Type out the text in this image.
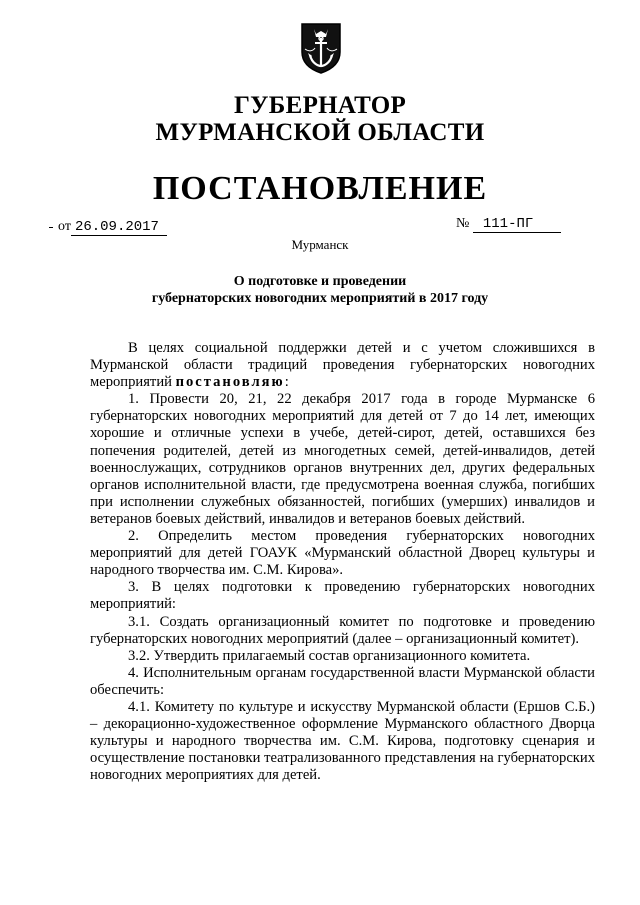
ГУБЕРНАТОР
МУРМАНСКОЙ ОБЛАСТИ
ПОСТАНОВЛЕНИЕ
от 26.09.2017	№ 111-ПГ
Мурманск
О подготовке и проведении
губернаторских новогодних мероприятий в 2017 году

В целях социальной поддержки детей и с учетом сложившихся в Мурманской области традиций проведения губернаторских новогодних мероприятий постановляю:

1. Провести 20, 21, 22 декабря 2017 года в городе Мурманске 6 губернаторских новогодних мероприятий для детей от 7 до 14 лет, имеющих хорошие и отличные успехи в учебе, детей-сирот, детей, оставшихся без попечения родителей, детей из многодетных семей, детей-инвалидов, детей военнослужащих, сотрудников органов внутренних дел, других федеральных органов исполнительной власти, где предусмотрена военная служба, погибших при исполнении служебных обязанностей, погибших (умерших) инвалидов и ветеранов боевых действий, инвалидов и ветеранов боевых действий.

2. Определить местом проведения губернаторских новогодних мероприятий для детей ГОАУК «Мурманский областной Дворец культуры и народного творчества им. С.М. Кирова».

3. В целях подготовки к проведению губернаторских новогодних мероприятий:

3.1. Создать организационный комитет по подготовке и проведению губернаторских новогодних мероприятий (далее – организационный комитет).

3.2. Утвердить прилагаемый состав организационного комитета.

4. Исполнительным органам государственной власти Мурманской области обеспечить:

4.1. Комитету по культуре и искусству Мурманской области (Ершов С.Б.) – декорационно-художественное оформление Мурманского областного Дворца культуры и народного творчества им. С.М. Кирова, подготовку сценария и осуществление постановки театрализованного представления на губернаторских новогодних мероприятиях для детей.
